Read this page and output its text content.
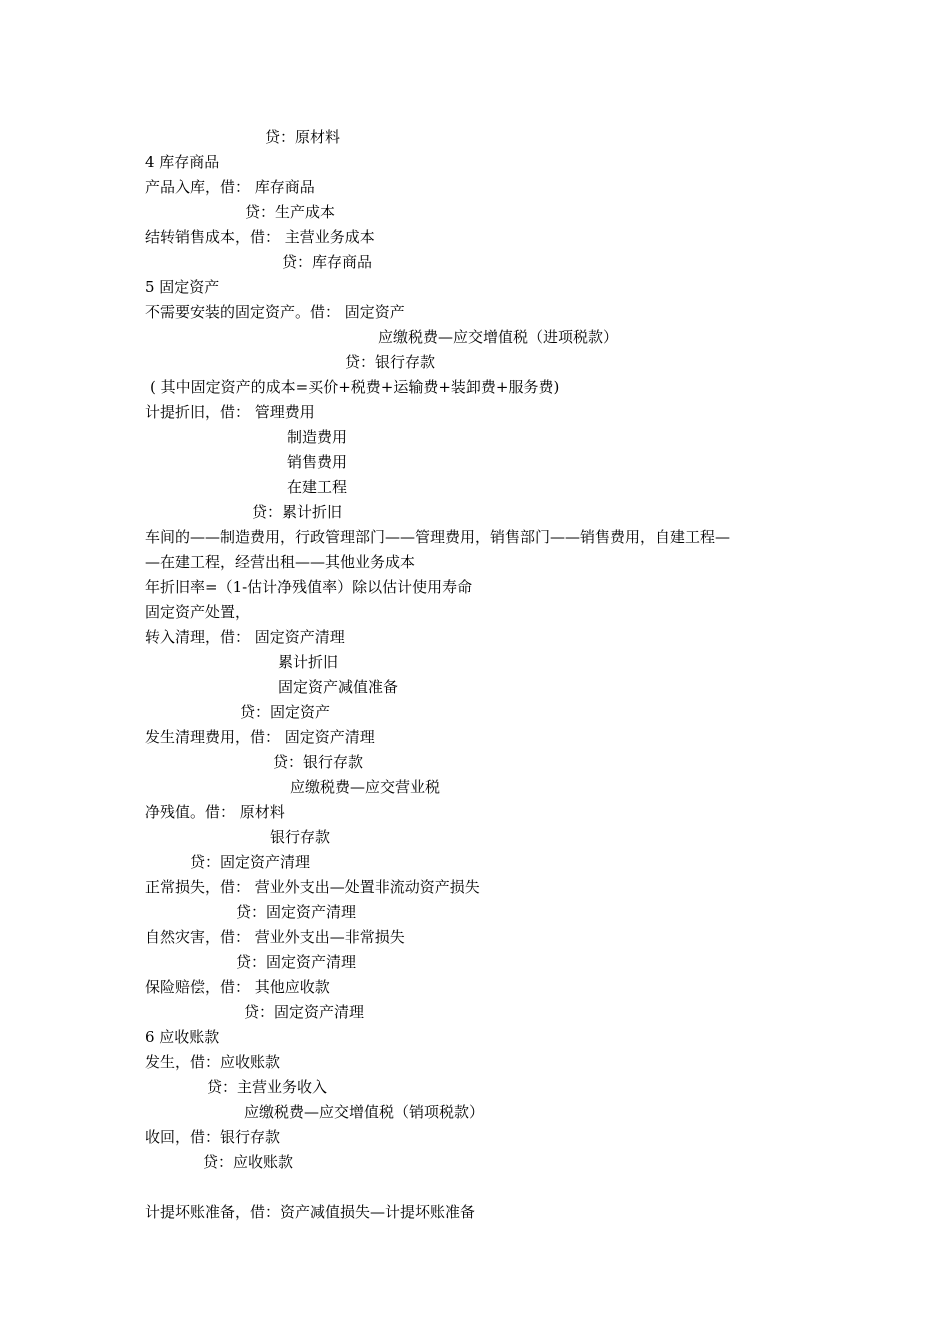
贷：原材料
4 库存商品
产品入库，借： 库存商品
贷：生产成本
结转销售成本，借： 主营业务成本
贷：库存商品
5 固定资产
不需要安装的固定资产。借： 固定资产
应缴税费—应交增值税（进项税款）
贷：银行存款
( 其中固定资产的成本=买价+税费+运输费+装卸费+服务费)
计提折旧，借： 管理费用
制造费用
销售费用
在建工程
贷：累计折旧
车间的——制造费用，行政管理部门——管理费用，销售部门——销售费用，自建工程—
—在建工程，经营出租——其他业务成本
年折旧率=（1-估计净残值率）除以估计使用寿命
固定资产处置，
转入清理，借： 固定资产清理
累计折旧
固定资产减值准备
贷：固定资产
发生清理费用，借： 固定资产清理
贷：银行存款
应缴税费—应交营业税
净残值。借： 原材料
银行存款
贷：固定资产清理
正常损失，借： 营业外支出—处置非流动资产损失
贷：固定资产清理
自然灾害，借： 营业外支出—非常损失
贷：固定资产清理
保险赔偿，借： 其他应收款
贷：固定资产清理
6 应收账款
发生，借：应收账款
贷：主营业务收入
应缴税费—应交增值税（销项税款）
收回，借：银行存款
贷：应收账款
计提坏账准备，借：资产减值损失—计提坏账准备
